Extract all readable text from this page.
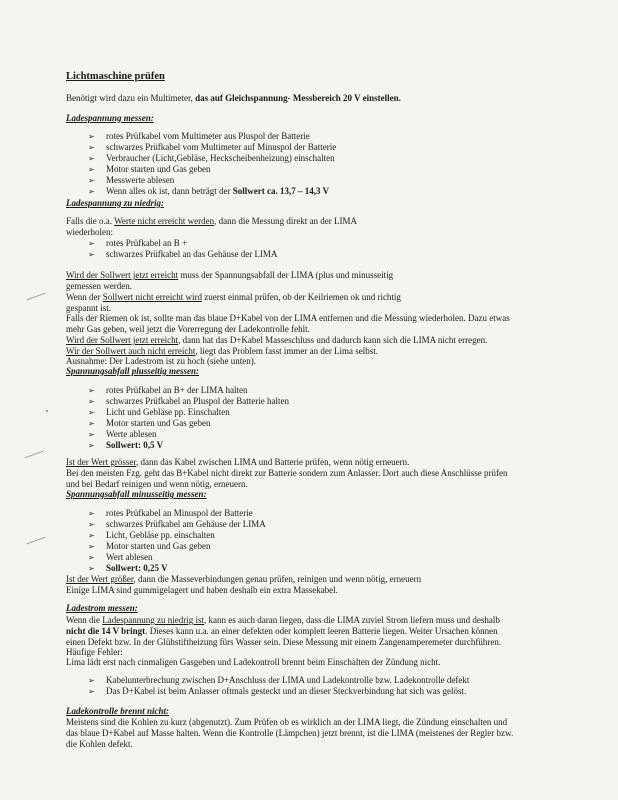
Lichtmaschine prüfen
Benötigt wird dazu ein Multimeter, das auf Gleichspannung- Messbereich 20 V einstellen.
Ladespannung messen:
➢ rotes Prüfkabel vom Multimeter aus Pluspol der Batterie
➢ schwarzes Prüfkabel vom Multimeter auf Minuspol der Batterie
➢ Verbraucher (Licht,Gebläse, Heckscheibenheizung) einschalten
➢ Motor starten und Gas geben
➢ Messwerte ablesen
➢ Wenn alles ok ist, dann beträgt der Sollwert ca. 13,7 – 14,3 V
Ladespannung zu niedrig:
Falls die o.a. Werte nicht erreicht werden, dann die Messung direkt an der LIMA
wiederholen:
➢ rotes Prüfkabel an B +
➢ schwarzes Prüfkabel an das Gehäuse der LIMA
Wird der Sollwert jetzt erreicht muss der Spannungsabfall der LIMA (plus und minusseitig
gemessen werden.
Wenn der Sollwert nicht erreicht wird zuerst einmal prüfen, ob der Keilriemen ok und richtig
gespannt ist.
Falls der Riemen ok ist, sollte man das blaue D+Kabel von der LIMA entfernen und die Messung wiederholen. Dazu etwas
mehr Gas geben, weil jetzt die Vorerregung der Ladekontrolle fehlt.
Wird der Sollwert jetzt erreicht, dann hat das D+Kabel Masseschluss und dadurch kann sich die LIMA nicht erregen.
Wir der Sollwert auch nicht erreicht, liegt das Problem fasst immer an der Lima selbst.
Ausnahme: Der Ladestrom ist zu hoch (siehe unten).
Spannungsabfall plusseitig messen:
➢ rotes Prüfkabel an B+ der LIMA halten
➢ schwarzes Prüfkabel an Pluspol der Batterie halten
➢ Licht und Gebläse pp. Einschalten
➢ Motor starten und Gas geben
➢ Werte ablesen
➢ Sollwert: 0,5 V
Ist der Wert grösser, dann das Kabel zwischen LIMA und Batterie prüfen, wenn nötig erneuern.
Bei den meisten Fzg. geht das B+Kabel nicht direkt zur Batterie sondern zum Anlasser. Dort auch diese Anschlüsse prüfen
und bei Bedarf reinigen und wenn nötig, erneuern.
Spannungsabfall minusseitig messen:
➢ rotes Prüfkabel an Minuspol der Batterie
➢ schwarzes Prüfkabel am Gehäuse der LIMA
➢ Licht, Gebläse pp. einschalten
➢ Motor starten und Gas geben
➢ Wert ablesen
➢ Sollwert: 0,25 V
Ist der Wert größer, dann die Masseverbindungen genau prüfen, reinigen und wenn nötig, erneuern
Einige LIMA sind gummigelagert und haben deshalb ein extra Massekabel.
Ladestrom messen:
Wenn die Ladespannung zu niedrig ist, kann es auch daran liegen, dass die LIMA zuviel Strom liefern muss und deshalb
nicht die 14 V bringt. Dieses kann u.a. an einer defekten oder komplett leeren Batterie liegen. Weiter Ursachen können
einen Defekt bzw. In der Glühstiftheizung fürs Wasser sein. Diese Messung mit einem Zangenamperemeter durchführen.
Häufige Fehler:
Lima lädt erst nach cinmaligen Gasgeben und Ladekontroll brennt beim Einschalten der Zündung nicht.
➢ Kabelunterbrechung zwischen D+Anschluss der LIMA und Ladekontrolle bzw. Ladekontrolle defekt
➢ Das D+Kabel ist beim Anlasser oftmals gesteckt und an dieser Steckverbindung hat sich was gelöst.
Ladekontrolle brennt nicht:
Meistens sind die Kohlen zu kurz (abgenutzt). Zum Prüfen ob es wirklich an der LIMA liegt, die Zündung einschalten und
das blaue D+Kabel auf Masse halten. Wenn die Kontrolle (Lämpchen) jetzt brennt, ist die LIMA (meistenes der Regler bzw.
die Kohlen defekt.
